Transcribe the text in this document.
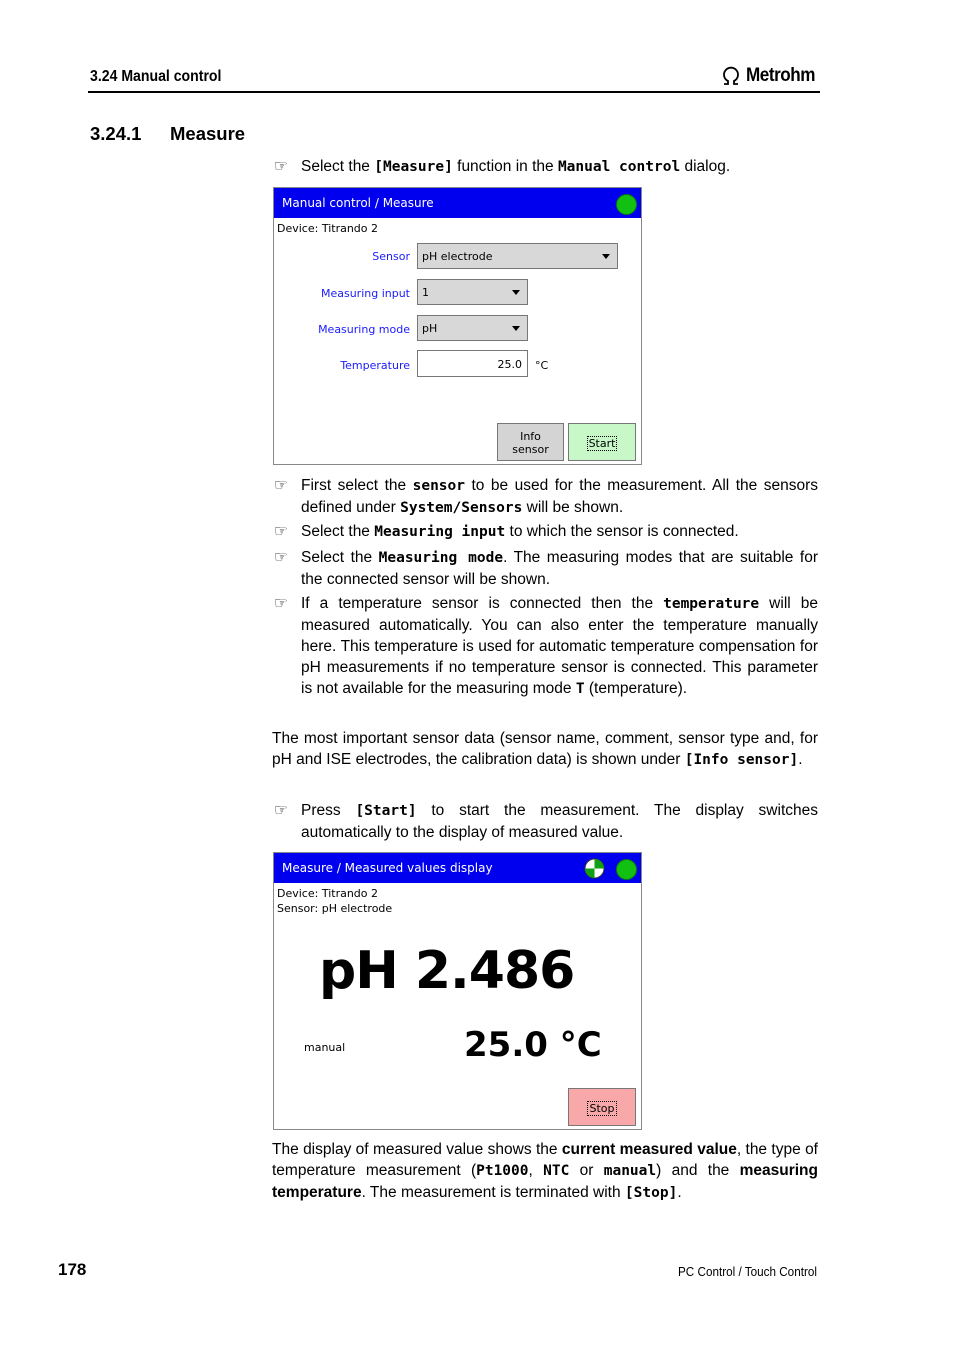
3.24 Manual control	Metrohm
3.24.1 Measure
☞ Select the [Measure] function in the Manual control dialog.
Manual control / Measure
Device: Titrando 2
Sensor pH electrode
Measuring input 1
Measuring mode pH
Temperature	25.0 °C
Info
sensor	Start
☞ First select the sensor to be used for the measurement. All the sensors defined under System/Sensors will be shown.
☞ Select the Measuring input to which the sensor is connected.
☞ Select the Measuring mode. The measuring modes that are suitable for the connected sensor will be shown.
☞ If a temperature sensor is connected then the temperature will be measured automatically. You can also enter the temperature manually here. This temperature is used for automatic temperature compensation for pH measurements if no temperature sensor is connected. This parameter is not available for the measuring mode T (temperature).
The most important sensor data (sensor name, comment, sensor type and, for pH and ISE electrodes, the calibration data) is shown under [Info sensor].
☞ Press [Start] to start the measurement. The display switches automatically to the display of measured value.
Measure / Measured values display
Device: Titrando 2
Sensor: pH electrode
pH 2.486
manual	25.0 °C
Stop
The display of measured value shows the current measured value, the type of temperature measurement (Pt1000, NTC or manual) and the measuring temperature. The measurement is terminated with [Stop].
178	PC Control / Touch Control
